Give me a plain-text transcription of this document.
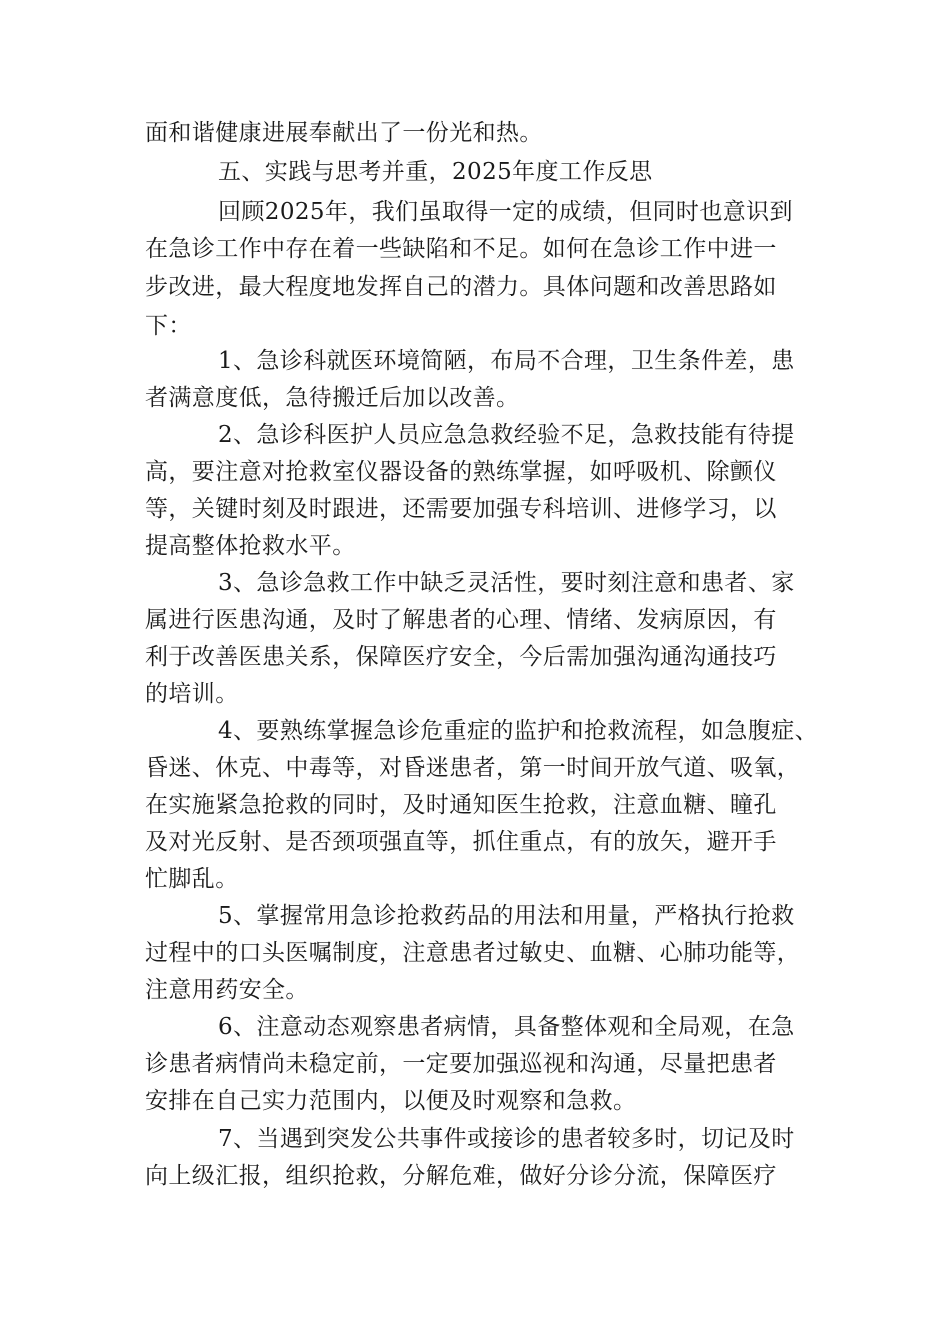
面和谐健康进展奉献出了一份光和热。
五、实践与思考并重，2025年度工作反思
回顾2025年，我们虽取得一定的成绩，但同时也意识到
在急诊工作中存在着一些缺陷和不足。如何在急诊工作中进一
步改进，最大程度地发挥自己的潜力。具体问题和改善思路如
下：
1、急诊科就医环境简陋，布局不合理，卫生条件差，患
者满意度低，急待搬迁后加以改善。
2、急诊科医护人员应急急救经验不足，急救技能有待提
高，要注意对抢救室仪器设备的熟练掌握，如呼吸机、除颤仪
等，关键时刻及时跟进，还需要加强专科培训、进修学习，以
提高整体抢救水平。
3、急诊急救工作中缺乏灵活性，要时刻注意和患者、家
属进行医患沟通，及时了解患者的心理、情绪、发病原因，有
利于改善医患关系，保障医疗安全，今后需加强沟通沟通技巧
的培训。
4、要熟练掌握急诊危重症的监护和抢救流程，如急腹症、
昏迷、休克、中毒等，对昏迷患者，第一时间开放气道、吸氧，
在实施紧急抢救的同时，及时通知医生抢救，注意血糖、瞳孔
及对光反射、是否颈项强直等，抓住重点，有的放矢，避开手
忙脚乱。
5、掌握常用急诊抢救药品的用法和用量，严格执行抢救
过程中的口头医嘱制度，注意患者过敏史、血糖、心肺功能等，
注意用药安全。
6、注意动态观察患者病情，具备整体观和全局观，在急
诊患者病情尚未稳定前，一定要加强巡视和沟通，尽量把患者
安排在自己实力范围内，以便及时观察和急救。
7、当遇到突发公共事件或接诊的患者较多时，切记及时
向上级汇报，组织抢救，分解危难，做好分诊分流，保障医疗
